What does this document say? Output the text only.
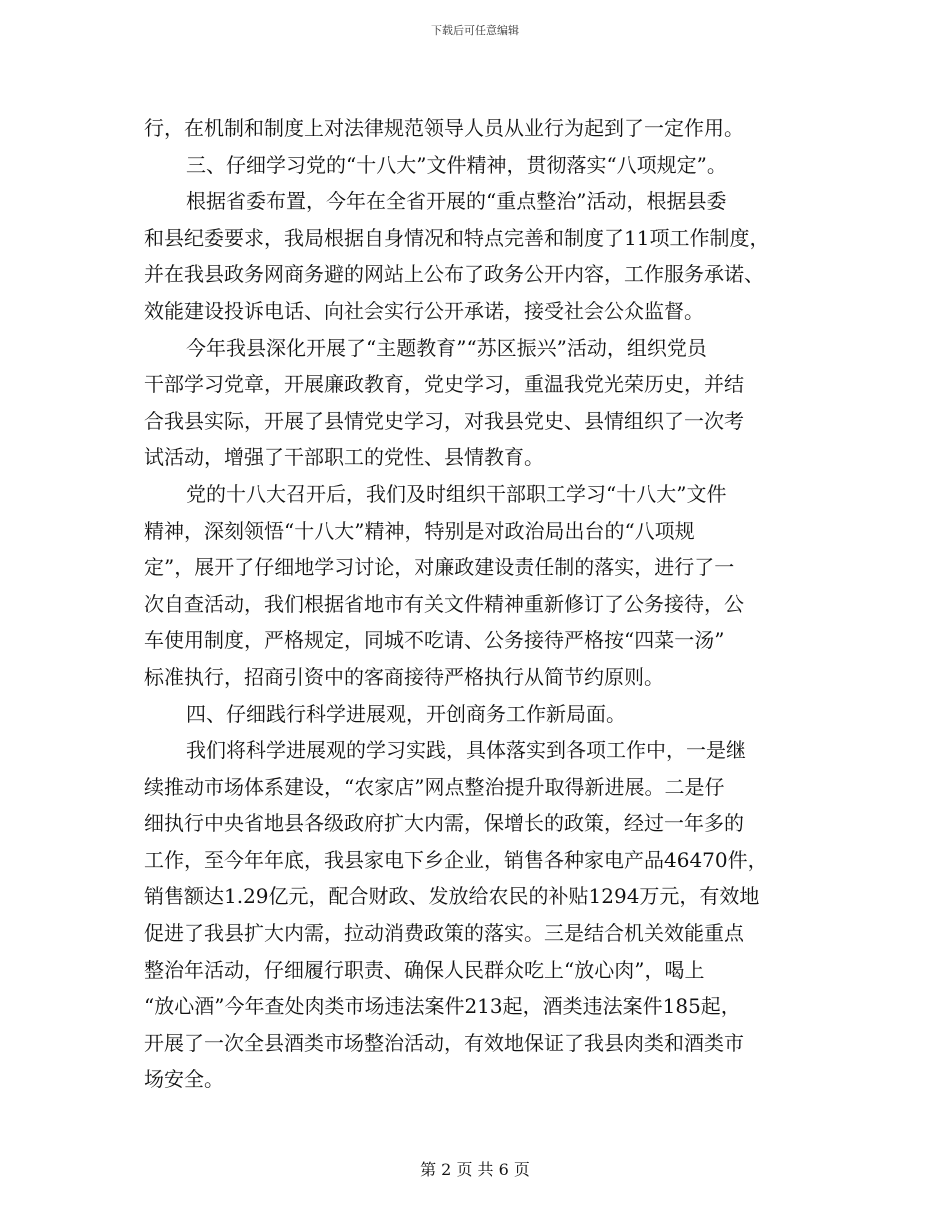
下载后可任意编辑
行，在机制和制度上对法律规范领导人员从业行为起到了一定作用。
三、仔细学习党的“十八大”文件精神，贯彻落实“八项规定”。
根据省委布置，今年在全省开展的“重点整治”活动，根据县委
和县纪委要求，我局根据自身情况和特点完善和制度了11项工作制度，
并在我县政务网商务避的网站上公布了政务公开内容，工作服务承诺、
效能建设投诉电话、向社会实行公开承诺，接受社会公众监督。
今年我县深化开展了“主题教育”“苏区振兴”活动，组织党员
干部学习党章，开展廉政教育，党史学习，重温我党光荣历史，并结
合我县实际，开展了县情党史学习，对我县党史、县情组织了一次考
试活动，增强了干部职工的党性、县情教育。
党的十八大召开后，我们及时组织干部职工学习“十八大”文件
精神，深刻领悟“十八大”精神，特别是对政治局出台的“八项规
定”，展开了仔细地学习讨论，对廉政建设责任制的落实，进行了一
次自查活动，我们根据省地市有关文件精神重新修订了公务接待，公
车使用制度，严格规定，同城不吃请、公务接待严格按“四菜一汤”
标准执行，招商引资中的客商接待严格执行从简节约原则。
四、仔细践行科学进展观，开创商务工作新局面。
我们将科学进展观的学习实践，具体落实到各项工作中，一是继
续推动市场体系建设，“农家店”网点整治提升取得新进展。二是仔
细执行中央省地县各级政府扩大内需，保增长的政策，经过一年多的
工作，至今年年底，我县家电下乡企业，销售各种家电产品46470件，
销售额达1.29亿元，配合财政、发放给农民的补贴1294万元，有效地
促进了我县扩大内需，拉动消费政策的落实。三是结合机关效能重点
整治年活动，仔细履行职责、确保人民群众吃上“放心肉”，喝上
“放心酒”今年查处肉类市场违法案件213起，酒类违法案件185起，
开展了一次全县酒类市场整治活动，有效地保证了我县肉类和酒类市
场安全。
第 2 页 共 6 页
